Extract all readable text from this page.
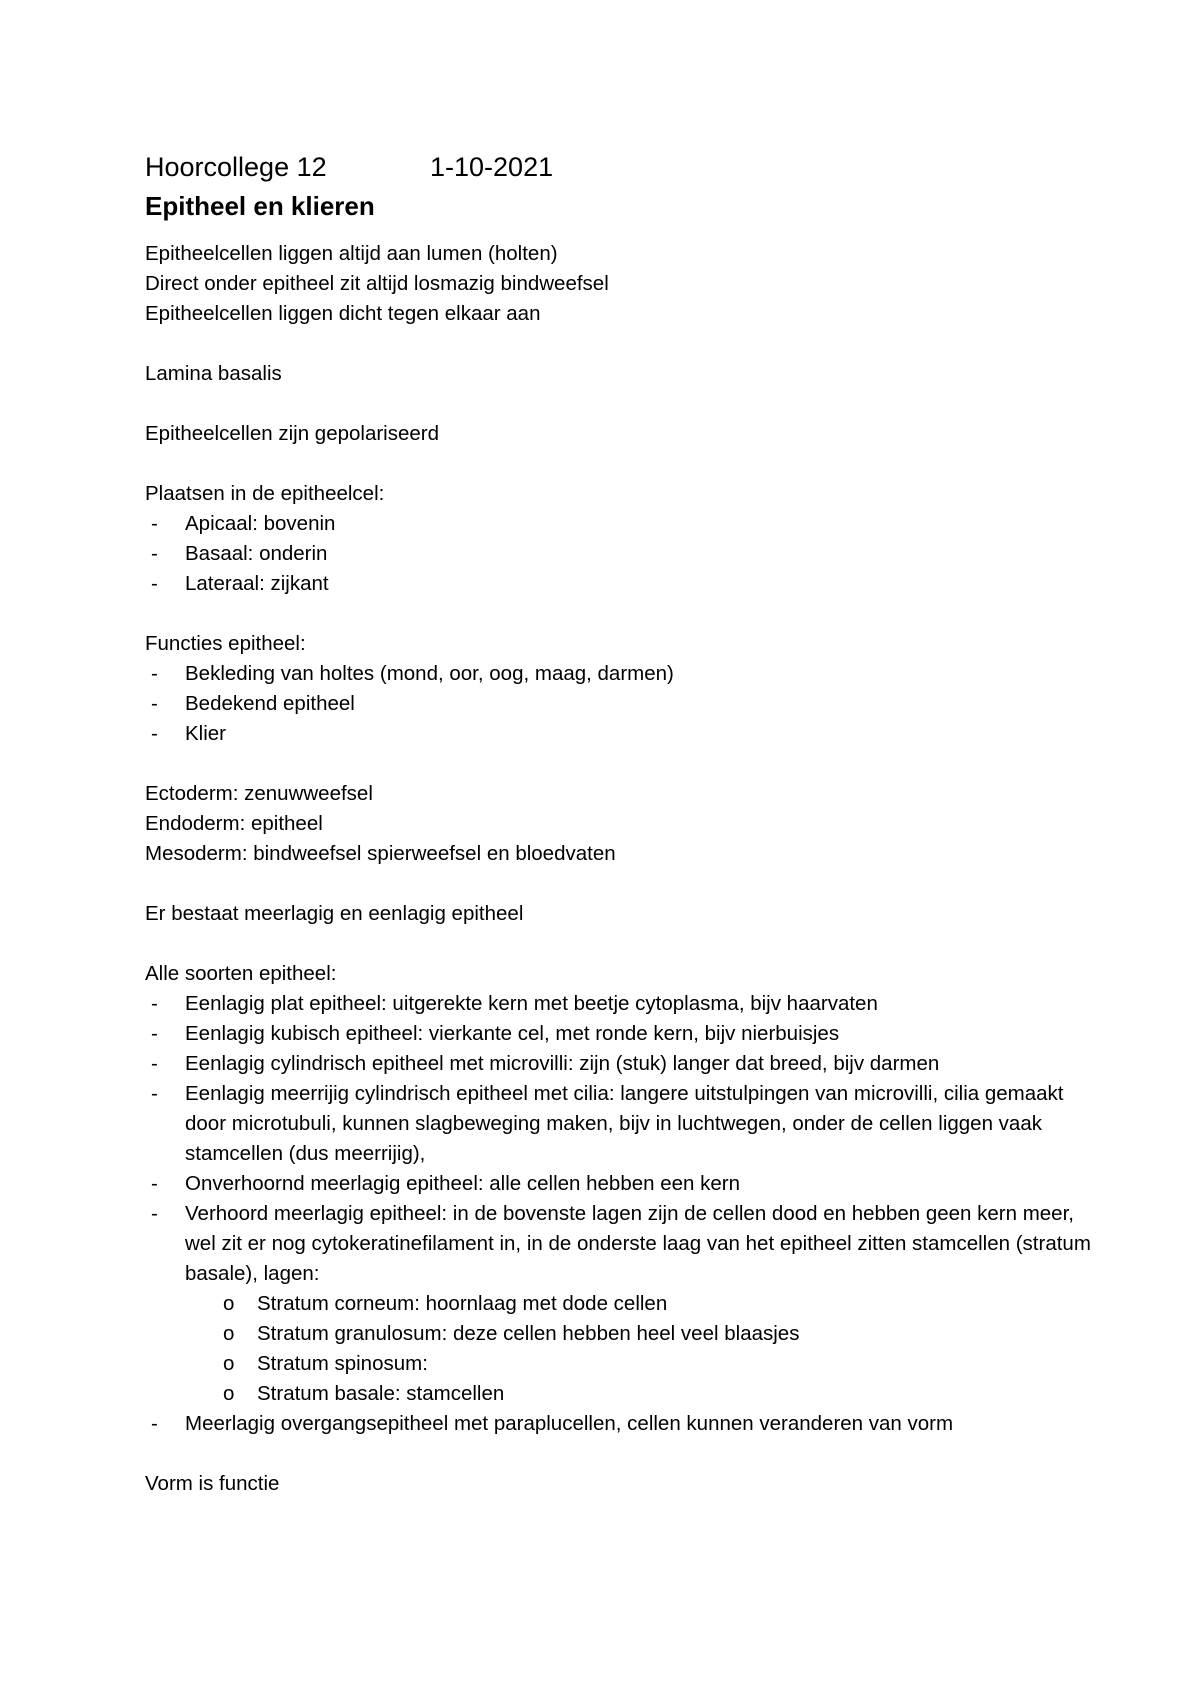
Hoorcollege 12	1-10-2021
Epitheel en klieren
Epitheelcellen liggen altijd aan lumen (holten)
Direct onder epitheel zit altijd losmazig bindweefsel
Epitheelcellen liggen dicht tegen elkaar aan
Lamina basalis
Epitheelcellen zijn gepolariseerd
Plaatsen in de epitheelcel:
- Apicaal: bovenin
- Basaal: onderin
- Lateraal: zijkant
Functies epitheel:
- Bekleding van holtes (mond, oor, oog, maag, darmen)
- Bedekend epitheel
- Klier
Ectoderm: zenuwweefsel
Endoderm: epitheel
Mesoderm: bindweefsel spierweefsel en bloedvaten
Er bestaat meerlagig en eenlagig epitheel
Alle soorten epitheel:
- Eenlagig plat epitheel: uitgerekte kern met beetje cytoplasma, bijv haarvaten
- Eenlagig kubisch epitheel: vierkante cel, met ronde kern, bijv nierbuisjes
- Eenlagig cylindrisch epitheel met microvilli: zijn (stuk) langer dat breed, bijv darmen
- Eenlagig meerrijig cylindrisch epitheel met cilia: langere uitstulpingen van microvilli, cilia gemaakt door microtubuli, kunnen slagbeweging maken, bijv in luchtwegen, onder de cellen liggen vaak stamcellen (dus meerrijig),
- Onverhoornd meerlagig epitheel: alle cellen hebben een kern
- Verhoord meerlagig epitheel: in de bovenste lagen zijn de cellen dood en hebben geen kern meer, wel zit er nog cytokeratinefilament in, in de onderste laag van het epitheel zitten stamcellen (stratum basale), lagen:
o Stratum corneum: hoornlaag met dode cellen
o Stratum granulosum: deze cellen hebben heel veel blaasjes
o Stratum spinosum:
o Stratum basale: stamcellen
- Meerlagig overgangsepitheel met paraplucellen, cellen kunnen veranderen van vorm
Vorm is functie
